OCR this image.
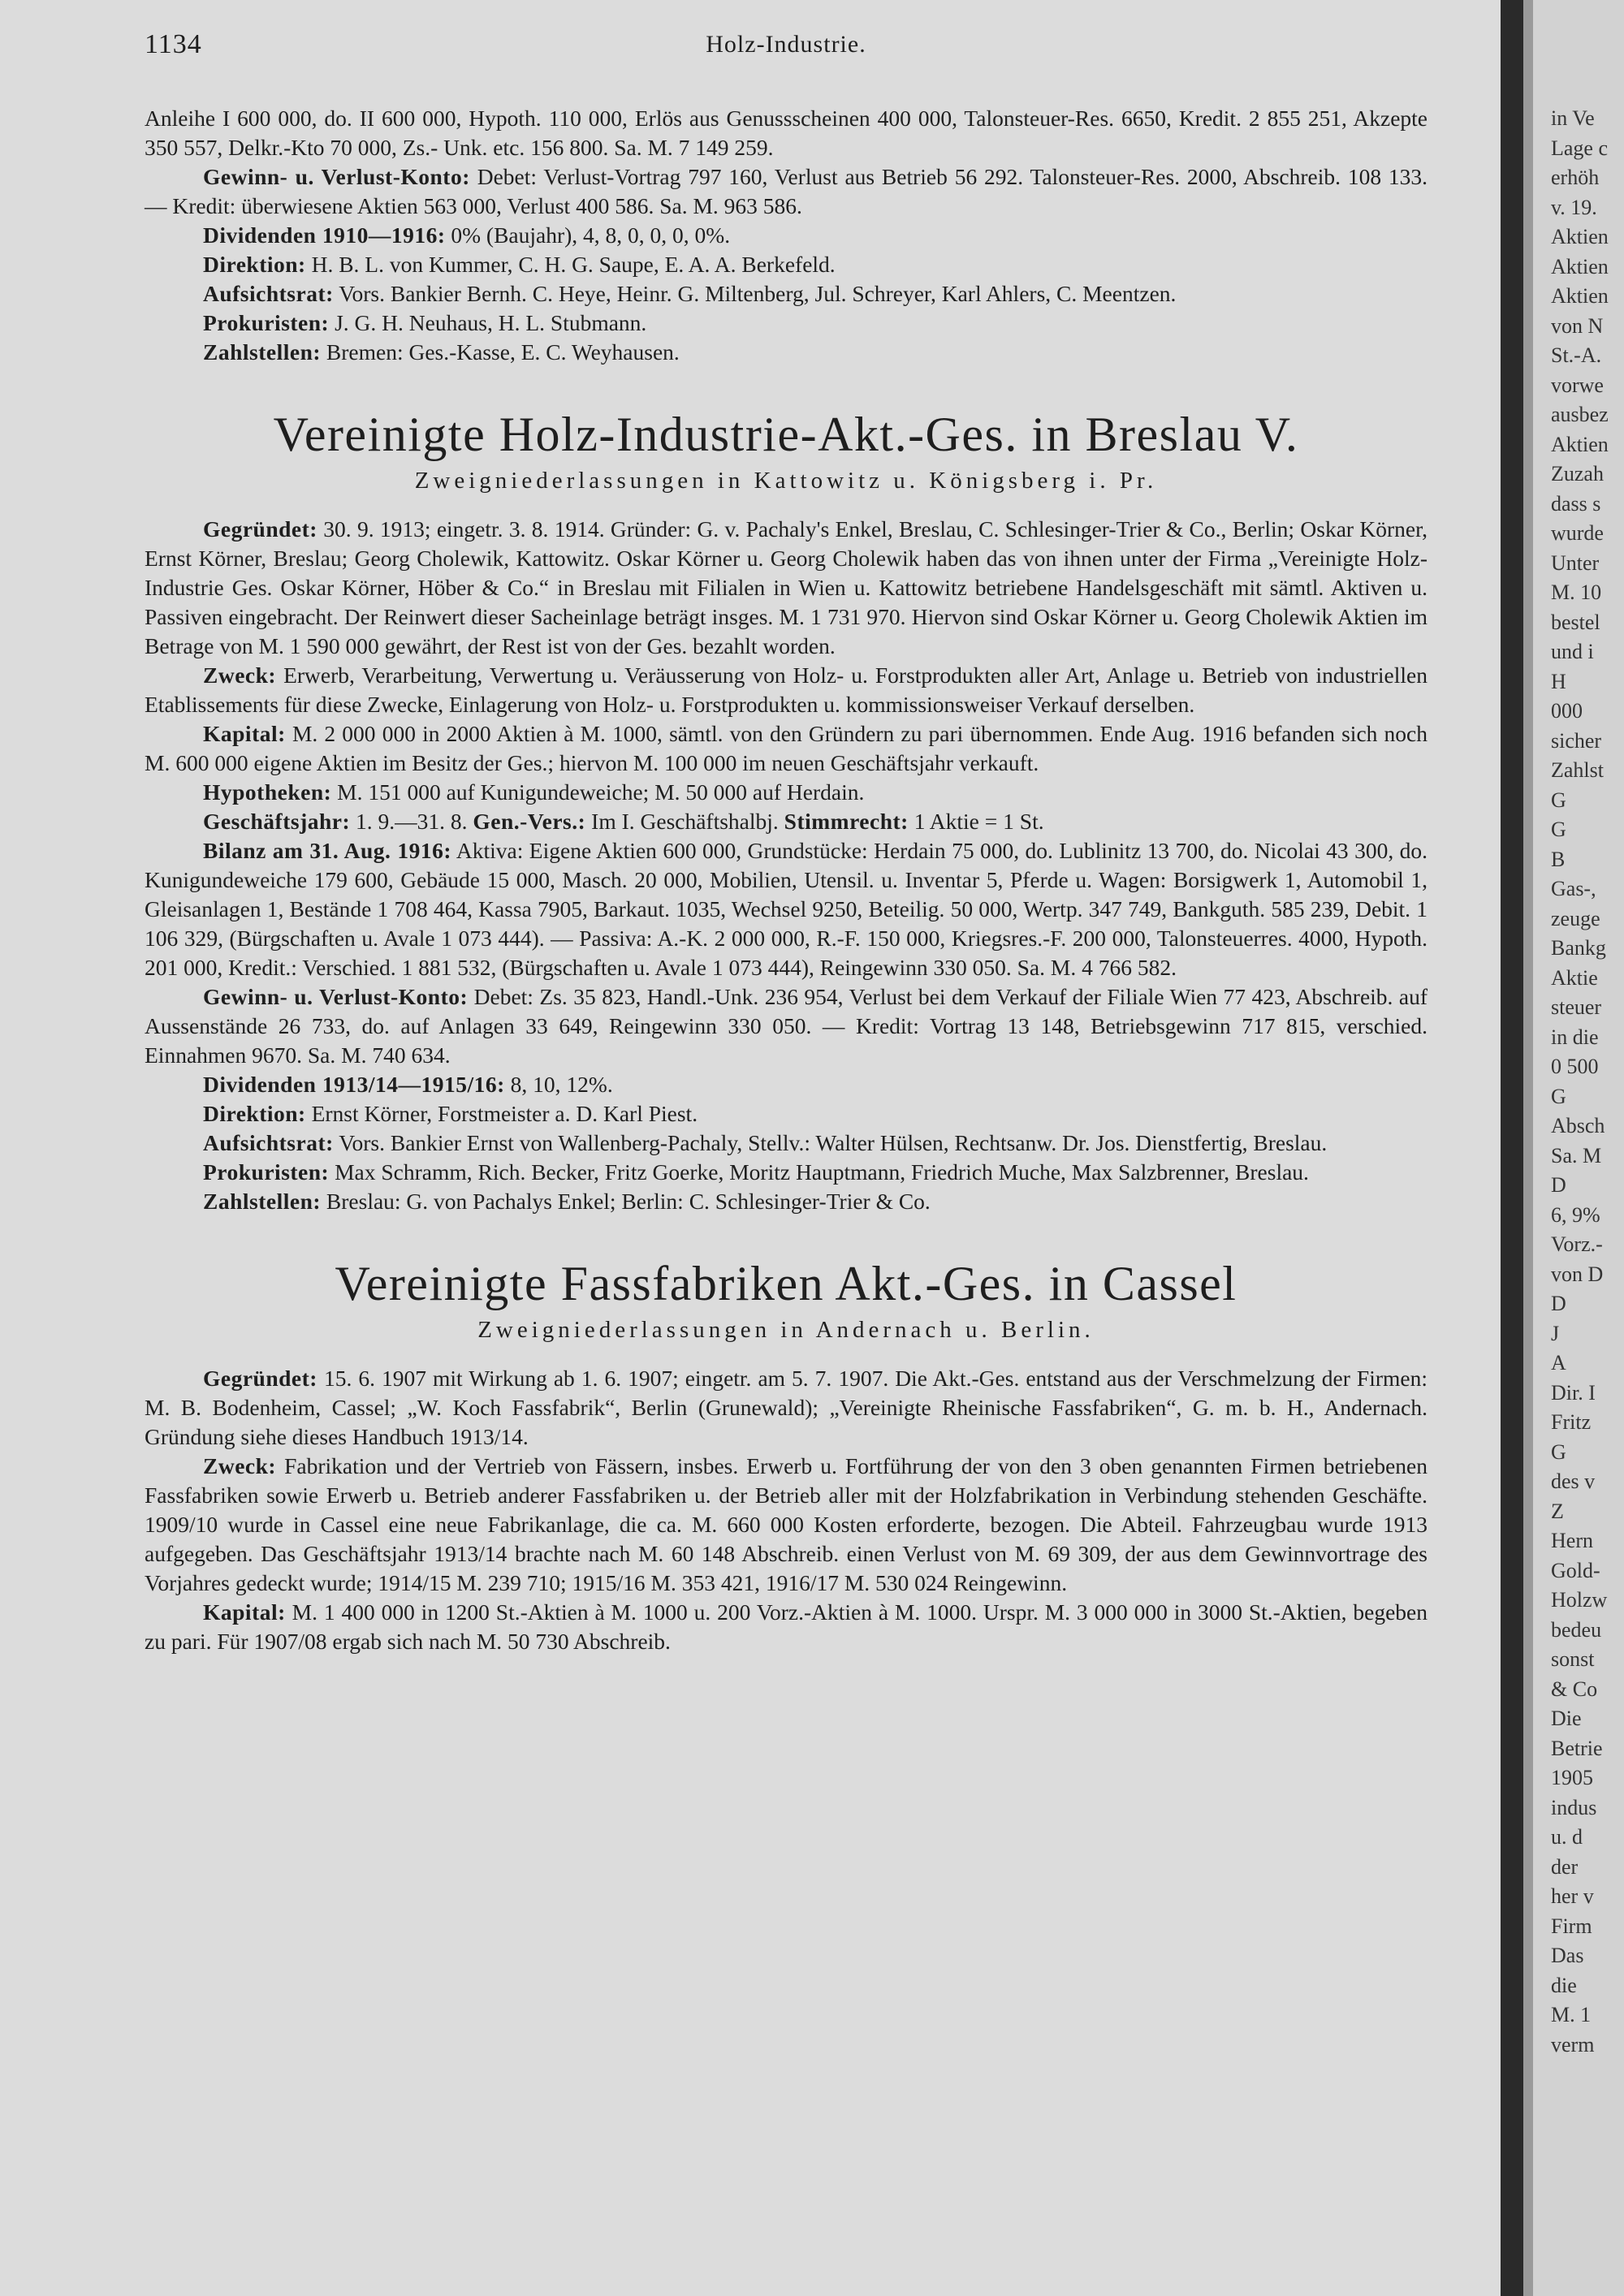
1134	Holz-Industrie.

Anleihe I 600 000, do. II 600 000, Hypoth. 110 000, Erlös aus Genussscheinen 400 000, Talonsteuer-Res. 6650, Kredit. 2 855 251, Akzepte 350 557, Delkr.-Kto 70 000, Zs.- Unk. etc. 156 800. Sa. M. 7 149 259.

Gewinn- u. Verlust-Konto: Debet: Verlust-Vortrag 797 160, Verlust aus Betrieb 56 292. Talonsteuer-Res. 2000, Abschreib. 108 133. — Kredit: überwiesene Aktien 563 000, Verlust 400 586. Sa. M. 963 586.

Dividenden 1910—1916: 0% (Baujahr), 4, 8, 0, 0, 0, 0%.

Direktion: H. B. L. von Kummer, C. H. G. Saupe, E. A. A. Berkefeld.

Aufsichtsrat: Vors. Bankier Bernh. C. Heye, Heinr. G. Miltenberg, Jul. Schreyer, Karl Ahlers, C. Meentzen.

Prokuristen: J. G. H. Neuhaus, H. L. Stubmann.

Zahlstellen: Bremen: Ges.-Kasse, E. C. Weyhausen.

Vereinigte Holz-Industrie-Akt.-Ges. in Breslau V.
Zweigniederlassungen in Kattowitz u. Königsberg i. Pr.

Gegründet: 30. 9. 1913; eingetr. 3. 8. 1914. Gründer: G. v. Pachaly's Enkel, Breslau, C. Schlesinger-Trier & Co., Berlin; Oskar Körner, Ernst Körner, Breslau; Georg Cholewik, Kattowitz. Oskar Körner u. Georg Cholewik haben das von ihnen unter der Firma „Vereinigte Holz-Industrie Ges. Oskar Körner, Höber & Co.“ in Breslau mit Filialen in Wien u. Kattowitz betriebene Handelsgeschäft mit sämtl. Aktiven u. Passiven eingebracht. Der Reinwert dieser Sacheinlage beträgt insges. M. 1 731 970. Hiervon sind Oskar Körner u. Georg Cholewik Aktien im Betrage von M. 1 590 000 gewährt, der Rest ist von der Ges. bezahlt worden.

Zweck: Erwerb, Verarbeitung, Verwertung u. Veräusserung von Holz- u. Forstprodukten aller Art, Anlage u. Betrieb von industriellen Etablissements für diese Zwecke, Einlagerung von Holz- u. Forstprodukten u. kommissionsweiser Verkauf derselben.

Kapital: M. 2 000 000 in 2000 Aktien à M. 1000, sämtl. von den Gründern zu pari übernommen. Ende Aug. 1916 befanden sich noch M. 600 000 eigene Aktien im Besitz der Ges.; hiervon M. 100 000 im neuen Geschäftsjahr verkauft.

Hypotheken: M. 151 000 auf Kunigundeweiche; M. 50 000 auf Herdain.

Geschäftsjahr: 1. 9.—31. 8. Gen.-Vers.: Im I. Geschäftshalbj. Stimmrecht: 1 Aktie = 1 St.

Bilanz am 31. Aug. 1916: Aktiva: Eigene Aktien 600 000, Grundstücke: Herdain 75 000, do. Lublinitz 13 700, do. Nicolai 43 300, do. Kunigundeweiche 179 600, Gebäude 15 000, Masch. 20 000, Mobilien, Utensil. u. Inventar 5, Pferde u. Wagen: Borsigwerk 1, Automobil 1, Gleisanlagen 1, Bestände 1 708 464, Kassa 7905, Barkaut. 1035, Wechsel 9250, Beteilig. 50 000, Wertp. 347 749, Bankguth. 585 239, Debit. 1 106 329, (Bürgschaften u. Avale 1 073 444). — Passiva: A.-K. 2 000 000, R.-F. 150 000, Kriegsres.-F. 200 000, Talonsteuerres. 4000, Hypoth. 201 000, Kredit.: Verschied. 1 881 532, (Bürgschaften u. Avale 1 073 444), Reingewinn 330 050. Sa. M. 4 766 582.

Gewinn- u. Verlust-Konto: Debet: Zs. 35 823, Handl.-Unk. 236 954, Verlust bei dem Verkauf der Filiale Wien 77 423, Abschreib. auf Aussenstände 26 733, do. auf Anlagen 33 649, Reingewinn 330 050. — Kredit: Vortrag 13 148, Betriebsgewinn 717 815, verschied. Einnahmen 9670. Sa. M. 740 634.

Dividenden 1913/14—1915/16: 8, 10, 12%.

Direktion: Ernst Körner, Forstmeister a. D. Karl Piest.

Aufsichtsrat: Vors. Bankier Ernst von Wallenberg-Pachaly, Stellv.: Walter Hülsen, Rechtsanw. Dr. Jos. Dienstfertig, Breslau.

Prokuristen: Max Schramm, Rich. Becker, Fritz Goerke, Moritz Hauptmann, Friedrich Muche, Max Salzbrenner, Breslau.

Zahlstellen: Breslau: G. von Pachalys Enkel; Berlin: C. Schlesinger-Trier & Co.

Vereinigte Fassfabriken Akt.-Ges. in Cassel
Zweigniederlassungen in Andernach u. Berlin.

Gegründet: 15. 6. 1907 mit Wirkung ab 1. 6. 1907; eingetr. am 5. 7. 1907. Die Akt.-Ges. entstand aus der Verschmelzung der Firmen: M. B. Bodenheim, Cassel; „W. Koch Fassfabrik“, Berlin (Grunewald); „Vereinigte Rheinische Fassfabriken“, G. m. b. H., Andernach. Gründung siehe dieses Handbuch 1913/14.

Zweck: Fabrikation und der Vertrieb von Fässern, insbes. Erwerb u. Fortführung der von den 3 oben genannten Firmen betriebenen Fassfabriken sowie Erwerb u. Betrieb anderer Fassfabriken u. der Betrieb aller mit der Holzfabrikation in Verbindung stehenden Geschäfte. 1909/10 wurde in Cassel eine neue Fabrikanlage, die ca. M. 660 000 Kosten erforderte, bezogen. Die Abteil. Fahrzeugbau wurde 1913 aufgegeben. Das Geschäftsjahr 1913/14 brachte nach M. 60 148 Abschreib. einen Verlust von M. 69 309, der aus dem Gewinnvortrage des Vorjahres gedeckt wurde; 1914/15 M. 239 710; 1915/16 M. 353 421, 1916/17 M. 530 024 Reingewinn.

Kapital: M. 1 400 000 in 1200 St.-Aktien à M. 1000 u. 200 Vorz.-Aktien à M. 1000. Urspr. M. 3 000 000 in 3000 St.-Aktien, begeben zu pari. Für 1907/08 ergab sich nach M. 50 730 Abschreib.

in Ve
Lage c
erhöh
v. 19.
Aktien
Aktien
Aktien
von N
St.-A.
vorwe
ausbez
Aktien
Zuzah
dass s
wurde
Unter
M. 10
bestel
und i
H
000
sicher
Zahlst
G
G
B
Gas-,
zeuge
Bankg
Aktie
steuer
in die
0 500
G
Absch
Sa. M
D
6, 9%
Vorz.-
von D
D
J
A
Dir. I
Fritz
G
des v
Z
Hern
Gold-
Holzw
bedeu
sonst
& Co
Die
Betrie
1905
indus
u. d
der
her v
Firm
Das
die
M. 1
verm
